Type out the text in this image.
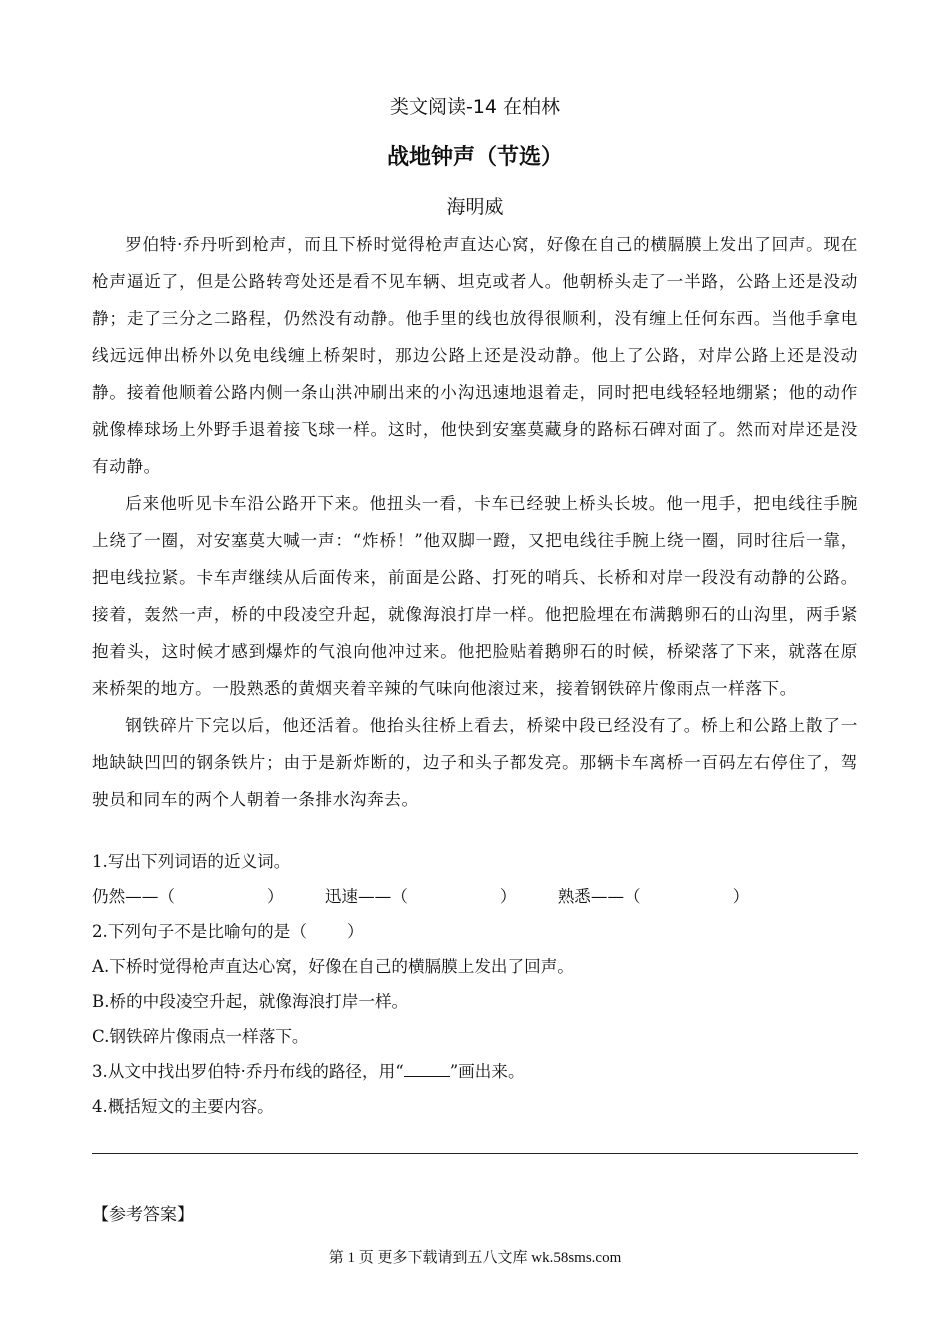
类文阅读-14 在柏林
战地钟声（节选）
海明威

罗伯特·乔丹听到枪声，而且下桥时觉得枪声直达心窝，好像在自己的横膈膜上发出了回声。现在枪声逼近了，但是公路转弯处还是看不见车辆、坦克或者人。他朝桥头走了一半路，公路上还是没动静；走了三分之二路程，仍然没有动静。他手里的线也放得很顺利，没有缠上任何东西。当他手拿电线远远伸出桥外以免电线缠上桥架时，那边公路上还是没动静。他上了公路，对岸公路上还是没动静。接着他顺着公路内侧一条山洪冲刷出来的小沟迅速地退着走，同时把电线轻轻地绷紧；他的动作就像棒球场上外野手退着接飞球一样。这时，他快到安塞莫藏身的路标石碑对面了。然而对岸还是没有动静。

后来他听见卡车沿公路开下来。他扭头一看，卡车已经驶上桥头长坡。他一甩手，把电线往手腕上绕了一圈，对安塞莫大喊一声：“炸桥！”他双脚一蹬，又把电线往手腕上绕一圈，同时往后一靠，把电线拉紧。卡车声继续从后面传来，前面是公路、打死的哨兵、长桥和对岸一段没有动静的公路。接着，轰然一声，桥的中段凌空升起，就像海浪打岸一样。他把脸埋在布满鹅卵石的山沟里，两手紧抱着头，这时候才感到爆炸的气浪向他冲过来。他把脸贴着鹅卵石的时候，桥梁落了下来，就落在原来桥架的地方。一股熟悉的黄烟夹着辛辣的气味向他滚过来，接着钢铁碎片像雨点一样落下。

钢铁碎片下完以后，他还活着。他抬头往桥上看去，桥梁中段已经没有了。桥上和公路上散了一地缺缺凹凹的钢条铁片；由于是新炸断的，边子和头子都发亮。那辆卡车离桥一百码左右停住了，驾驶员和同车的两个人朝着一条排水沟奔去。

1.写出下列词语的近义词。
仍然——（	） 迅速——（	） 熟悉——（	）
2.下列句子不是比喻句的是（ ）
A.下桥时觉得枪声直达心窝，好像在自己的横膈膜上发出了回声。
B.桥的中段凌空升起，就像海浪打岸一样。
C.钢铁碎片像雨点一样落下。
3.从文中找出罗伯特·乔丹布线的路径，用“	”画出来。
4.概括短文的主要内容。
【参考答案】
第 1 页 更多下载请到五八文库 wk.58sms.com
